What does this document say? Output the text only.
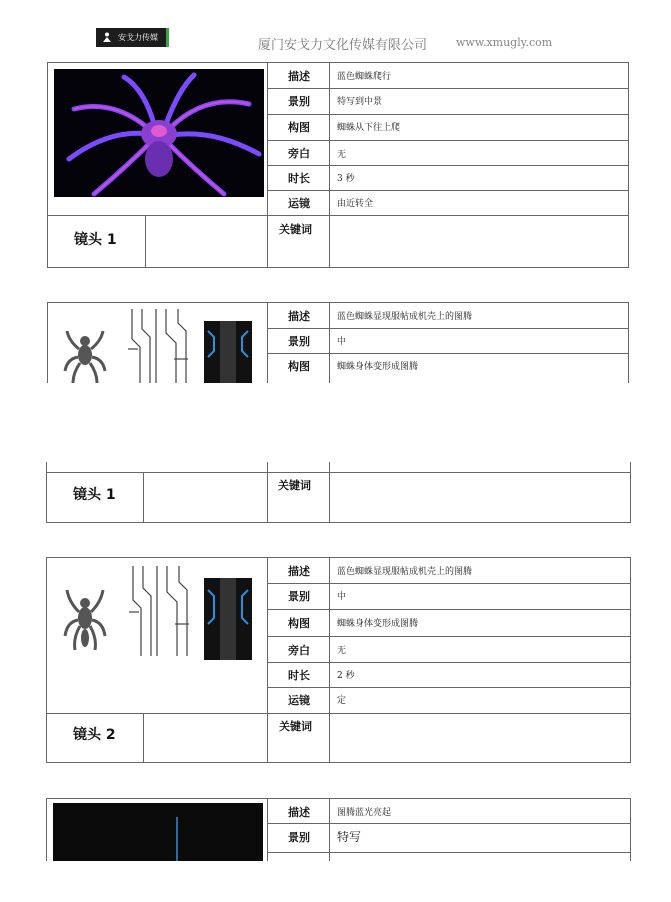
安戈力传媒
厦门安戈力文化传媒有限公司	www.xmugly.com
描述
景别
构图
旁白
时长
运镜
关键词
蓝色蜘蛛爬行
特写到中景
蜘蛛从下往上爬
无
3 秒
由近转全
镜头 1
描述
景别
构图
蓝色蜘蛛显现服帖成机壳上的图腾
中
蜘蛛身体变形成图腾
关键词
镜头 1
描述
景别
构图
旁白
时长
运镜
关键词
蓝色蜘蛛显现服帖成机壳上的图腾
中
蜘蛛身体变形成图腾
无
2 秒
定
镜头 2
描述
景别
图腾蓝光亮起
特写
